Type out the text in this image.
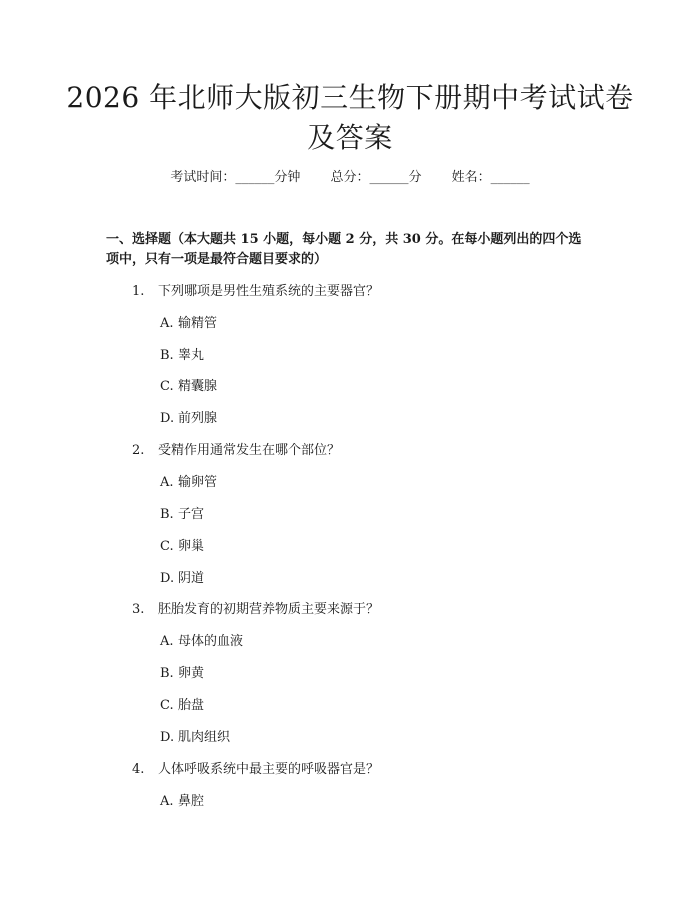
2026 年北师大版初三生物下册期中考试试卷
及答案
考试时间：______分钟 总分：______分 姓名：______
一、选择题（本大题共 15 小题，每小题 2 分，共 30 分。在每小题列出的四个选
项中，只有一项是最符合题目要求的）
1. 下列哪项是男性生殖系统的主要器官？
A. 输精管
B. 睾丸
C. 精囊腺
D. 前列腺
2. 受精作用通常发生在哪个部位？
A. 输卵管
B. 子宫
C. 卵巢
D. 阴道
3. 胚胎发育的初期营养物质主要来源于？
A. 母体的血液
B. 卵黄
C. 胎盘
D. 肌肉组织
4. 人体呼吸系统中最主要的呼吸器官是？
A. 鼻腔
